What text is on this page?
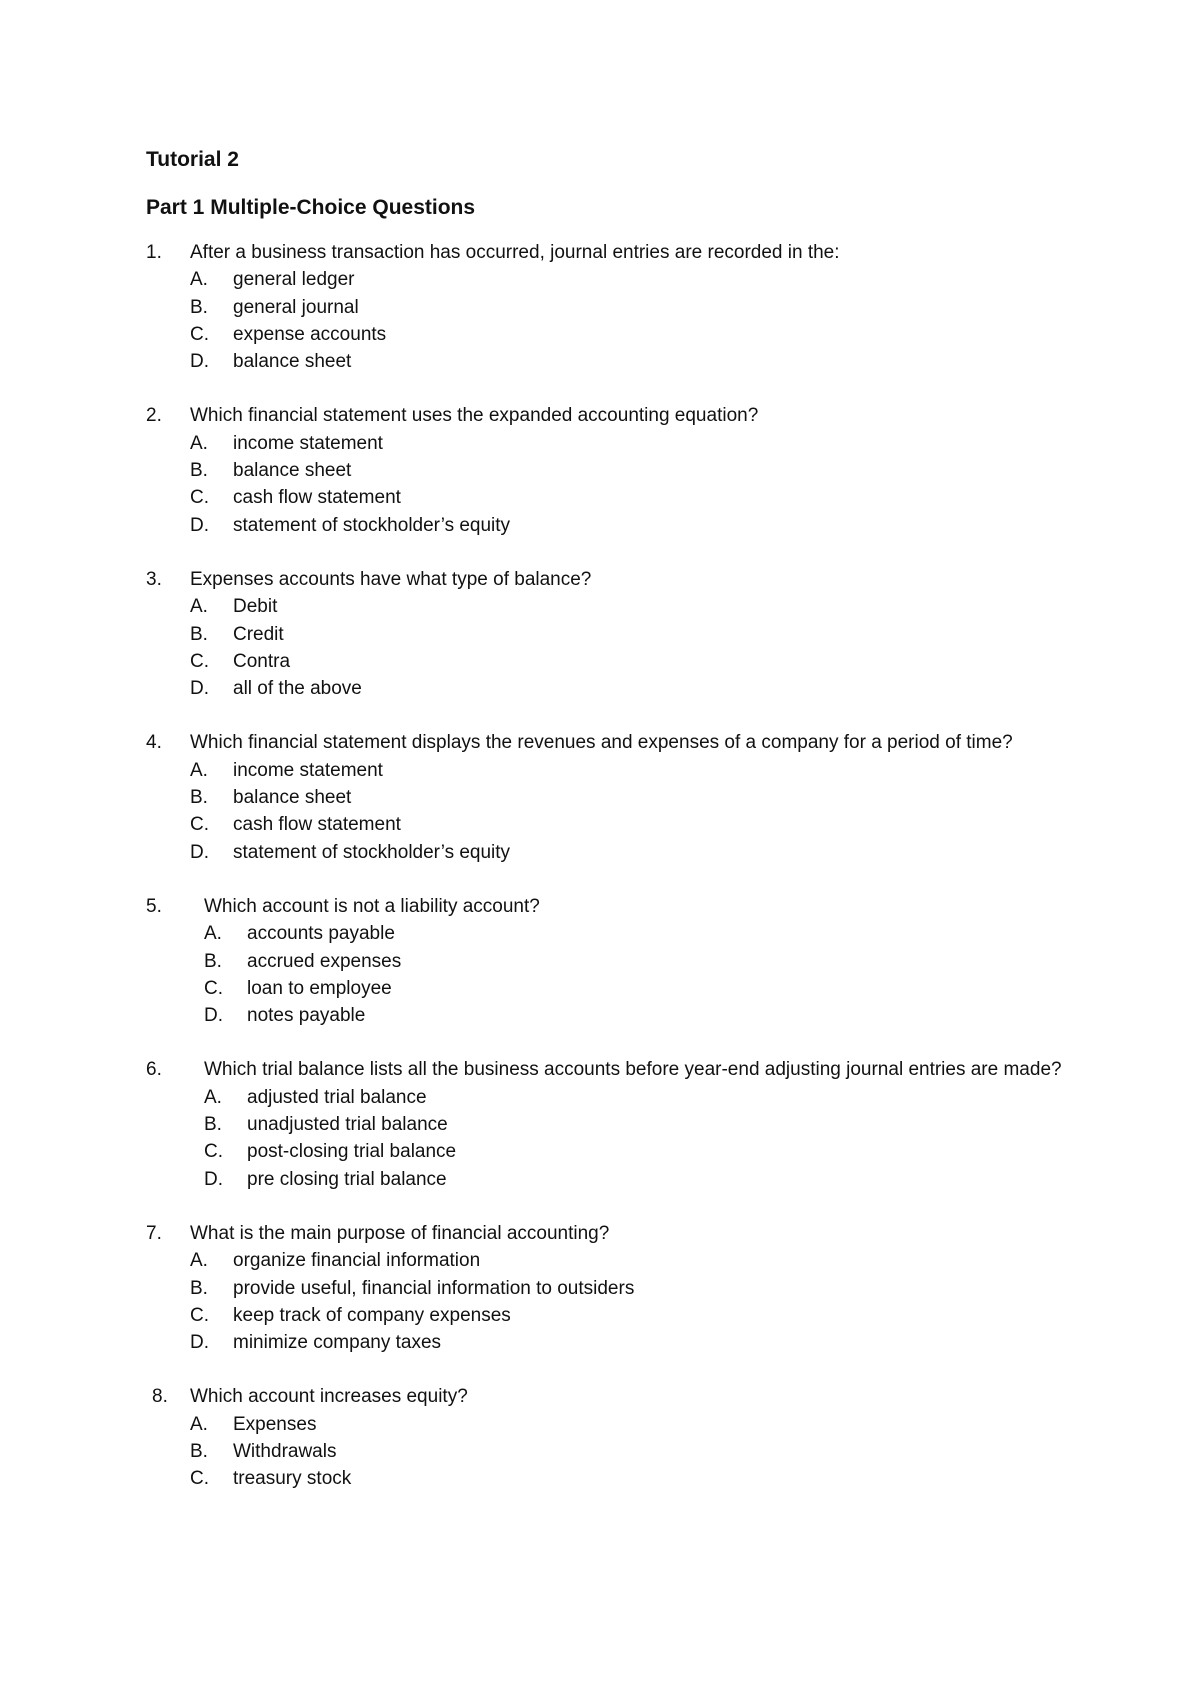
Tutorial 2
Part 1 Multiple-Choice Questions
1.	After a business transaction has occurred, journal entries are recorded in the:
A.	general ledger
B.	general journal
C.	expense accounts
D.	balance sheet
2.	Which financial statement uses the expanded accounting equation?
A.	income statement
B.	balance sheet
C.	cash flow statement
D.	statement of stockholder’s equity
3.	Expenses accounts have what type of balance?
A.	Debit
B.	Credit
C.	Contra
D.	all of the above
4.	Which financial statement displays the revenues and expenses of a company for a period of time?
A.	income statement
B.	balance sheet
C.	cash flow statement
D.	statement of stockholder’s equity
5.	Which account is not a liability account?
A.	accounts payable
B.	accrued expenses
C.	loan to employee
D.	notes payable
6.	Which trial balance lists all the business accounts before year-end adjusting journal entries are made?
A.	adjusted trial balance
B.	unadjusted trial balance
C.	post-closing trial balance
D.	pre closing trial balance
7.	What is the main purpose of financial accounting?
A.	organize financial information
B.	provide useful, financial information to outsiders
C.	keep track of company expenses
D.	minimize company taxes
8.	Which account increases equity?
A.	Expenses
B.	Withdrawals
C.	treasury stock
